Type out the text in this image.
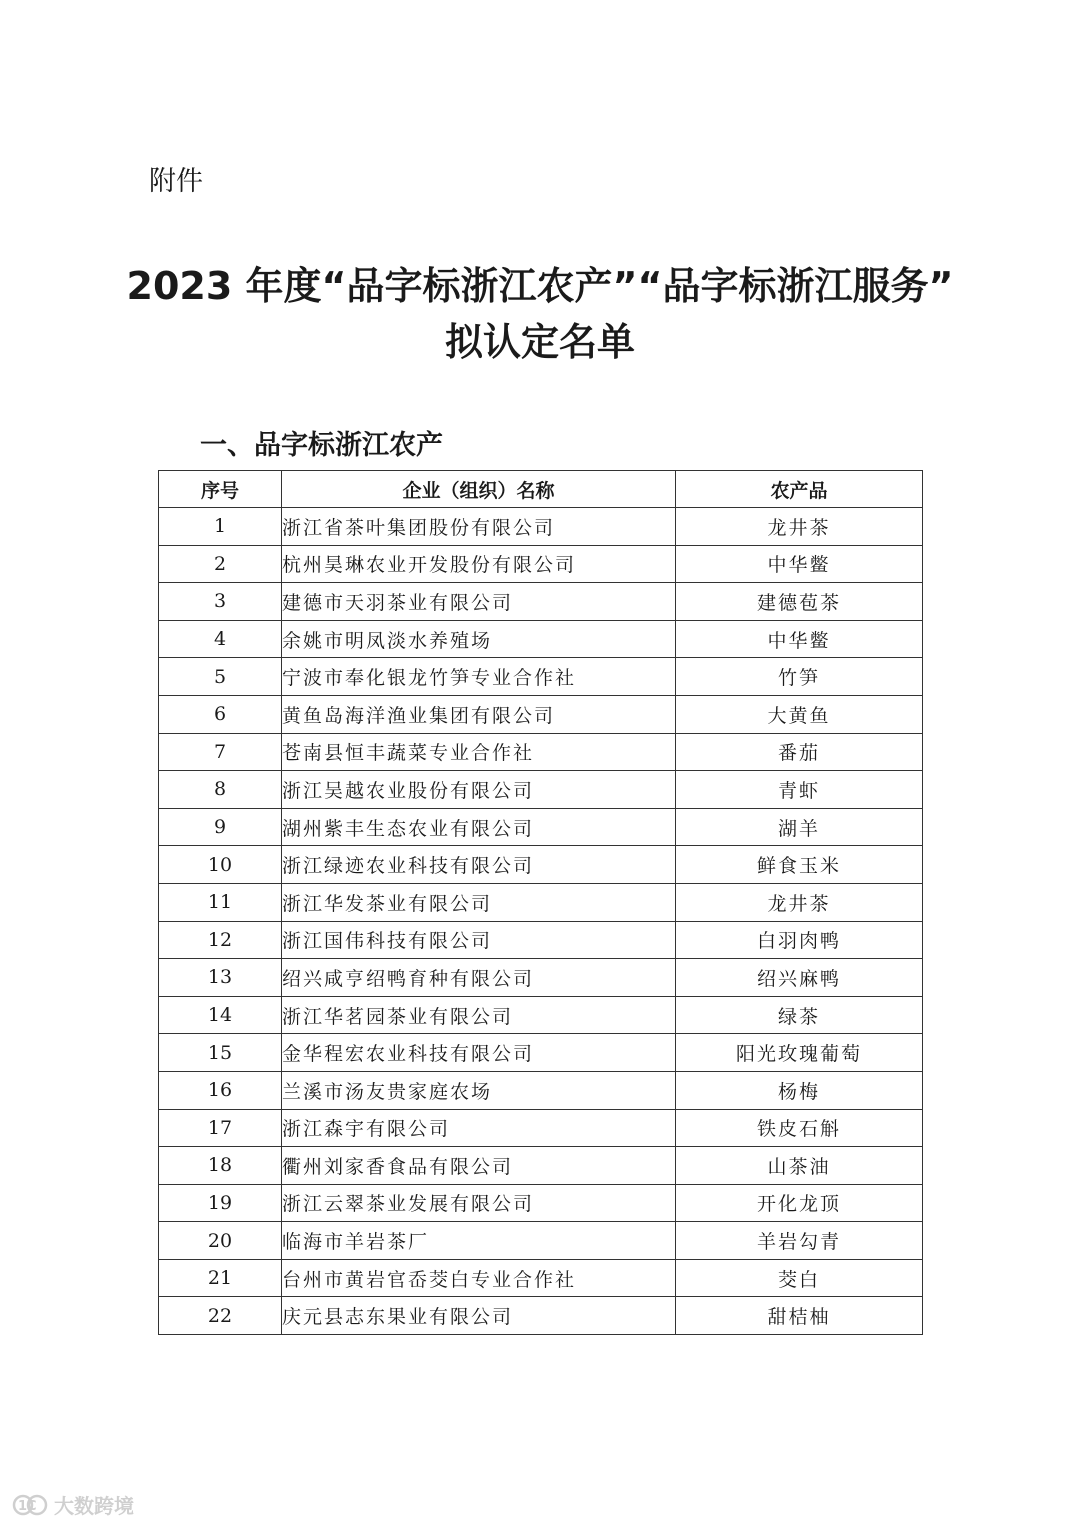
附件
2023 年度“品字标浙江农产”“品字标浙江服务”
拟认定名单
一、品字标浙江农产
序号	企业（组织）名称	农产品
1	浙江省茶叶集团股份有限公司	龙井茶
2	杭州昊琳农业开发股份有限公司	中华鳖
3	建德市天羽茶业有限公司	建德苞茶
4	余姚市明凤淡水养殖场	中华鳖
5	宁波市奉化银龙竹笋专业合作社	竹笋
6	黄鱼岛海洋渔业集团有限公司	大黄鱼
7	苍南县恒丰蔬菜专业合作社	番茄
8	浙江吴越农业股份有限公司	青虾
9	湖州紫丰生态农业有限公司	湖羊
10	浙江绿迹农业科技有限公司	鲜食玉米
11	浙江华发茶业有限公司	龙井茶
12	浙江国伟科技有限公司	白羽肉鸭
13	绍兴咸亨绍鸭育种有限公司	绍兴麻鸭
14	浙江华茗园茶业有限公司	绿茶
15	金华程宏农业科技有限公司	阳光玫瑰葡萄
16	兰溪市汤友贵家庭农场	杨梅
17	浙江森宇有限公司	铁皮石斛
18	衢州刘家香食品有限公司	山茶油
19	浙江云翠茶业发展有限公司	开化龙顶
20	临海市羊岩茶厂	羊岩勾青
21	台州市黄岩官岙茭白专业合作社	茭白
22	庆元县志东果业有限公司	甜桔柚
1C 大数跨境
